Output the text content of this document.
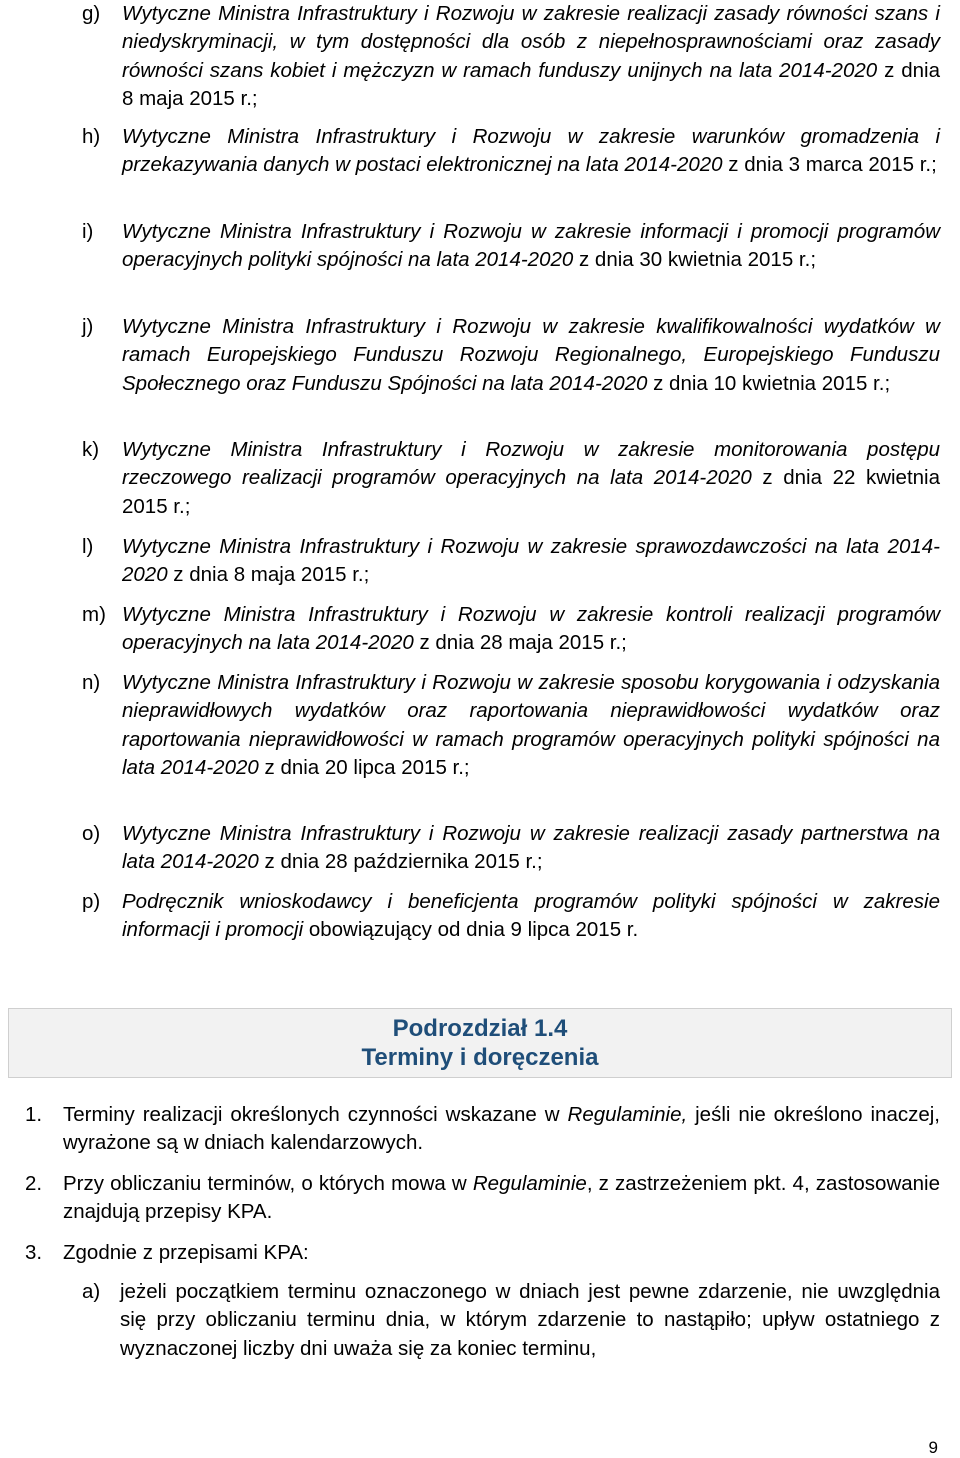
g) Wytyczne Ministra Infrastruktury i Rozwoju w zakresie realizacji zasady równości szans i niedyskryminacji, w tym dostępności dla osób z niepełnosprawnościami oraz zasady równości szans kobiet i mężczyzn w ramach funduszy unijnych na lata 2014-2020 z dnia 8 maja 2015 r.;
h) Wytyczne Ministra Infrastruktury i Rozwoju w zakresie warunków gromadzenia i przekazywania danych w postaci elektronicznej na lata 2014-2020 z dnia 3 marca 2015 r.;
i) Wytyczne Ministra Infrastruktury i Rozwoju w zakresie informacji i promocji programów operacyjnych polityki spójności na lata 2014-2020 z dnia 30 kwietnia 2015 r.;
j) Wytyczne Ministra Infrastruktury i Rozwoju w zakresie kwalifikowalności wydatków w ramach Europejskiego Funduszu Rozwoju Regionalnego, Europejskiego Funduszu Społecznego oraz Funduszu Spójności na lata 2014-2020 z dnia 10 kwietnia 2015 r.;
k) Wytyczne Ministra Infrastruktury i Rozwoju w zakresie monitorowania postępu rzeczowego realizacji programów operacyjnych na lata 2014-2020 z dnia 22 kwietnia 2015 r.;
l) Wytyczne Ministra Infrastruktury i Rozwoju w zakresie sprawozdawczości na lata 2014-2020 z dnia 8 maja 2015 r.;
m) Wytyczne Ministra Infrastruktury i Rozwoju w zakresie kontroli realizacji programów operacyjnych na lata 2014-2020 z dnia 28 maja 2015 r.;
n) Wytyczne Ministra Infrastruktury i Rozwoju w zakresie sposobu korygowania i odzyskania nieprawidłowych wydatków oraz raportowania nieprawidłowości wydatków oraz raportowania nieprawidłowości w ramach programów operacyjnych polityki spójności na lata 2014-2020 z dnia 20 lipca 2015 r.;
o) Wytyczne Ministra Infrastruktury i Rozwoju w zakresie realizacji zasady partnerstwa na lata 2014-2020 z dnia 28 października 2015 r.;
p) Podręcznik wnioskodawcy i beneficjenta programów polityki spójności w zakresie informacji i promocji obowiązujący od dnia 9 lipca 2015 r.
Podrozdział 1.4
Terminy i doręczenia
1. Terminy realizacji określonych czynności wskazane w Regulaminie, jeśli nie określono inaczej, wyrażone są w dniach kalendarzowych.
2. Przy obliczaniu terminów, o których mowa w Regulaminie, z zastrzeżeniem pkt. 4, zastosowanie znajdują przepisy KPA.
3. Zgodnie z przepisami KPA:
a) jeżeli początkiem terminu oznaczonego w dniach jest pewne zdarzenie, nie uwzględnia się przy obliczaniu terminu dnia, w którym zdarzenie to nastąpiło; upływ ostatniego z wyznaczonej liczby dni uważa się za koniec terminu,
9
